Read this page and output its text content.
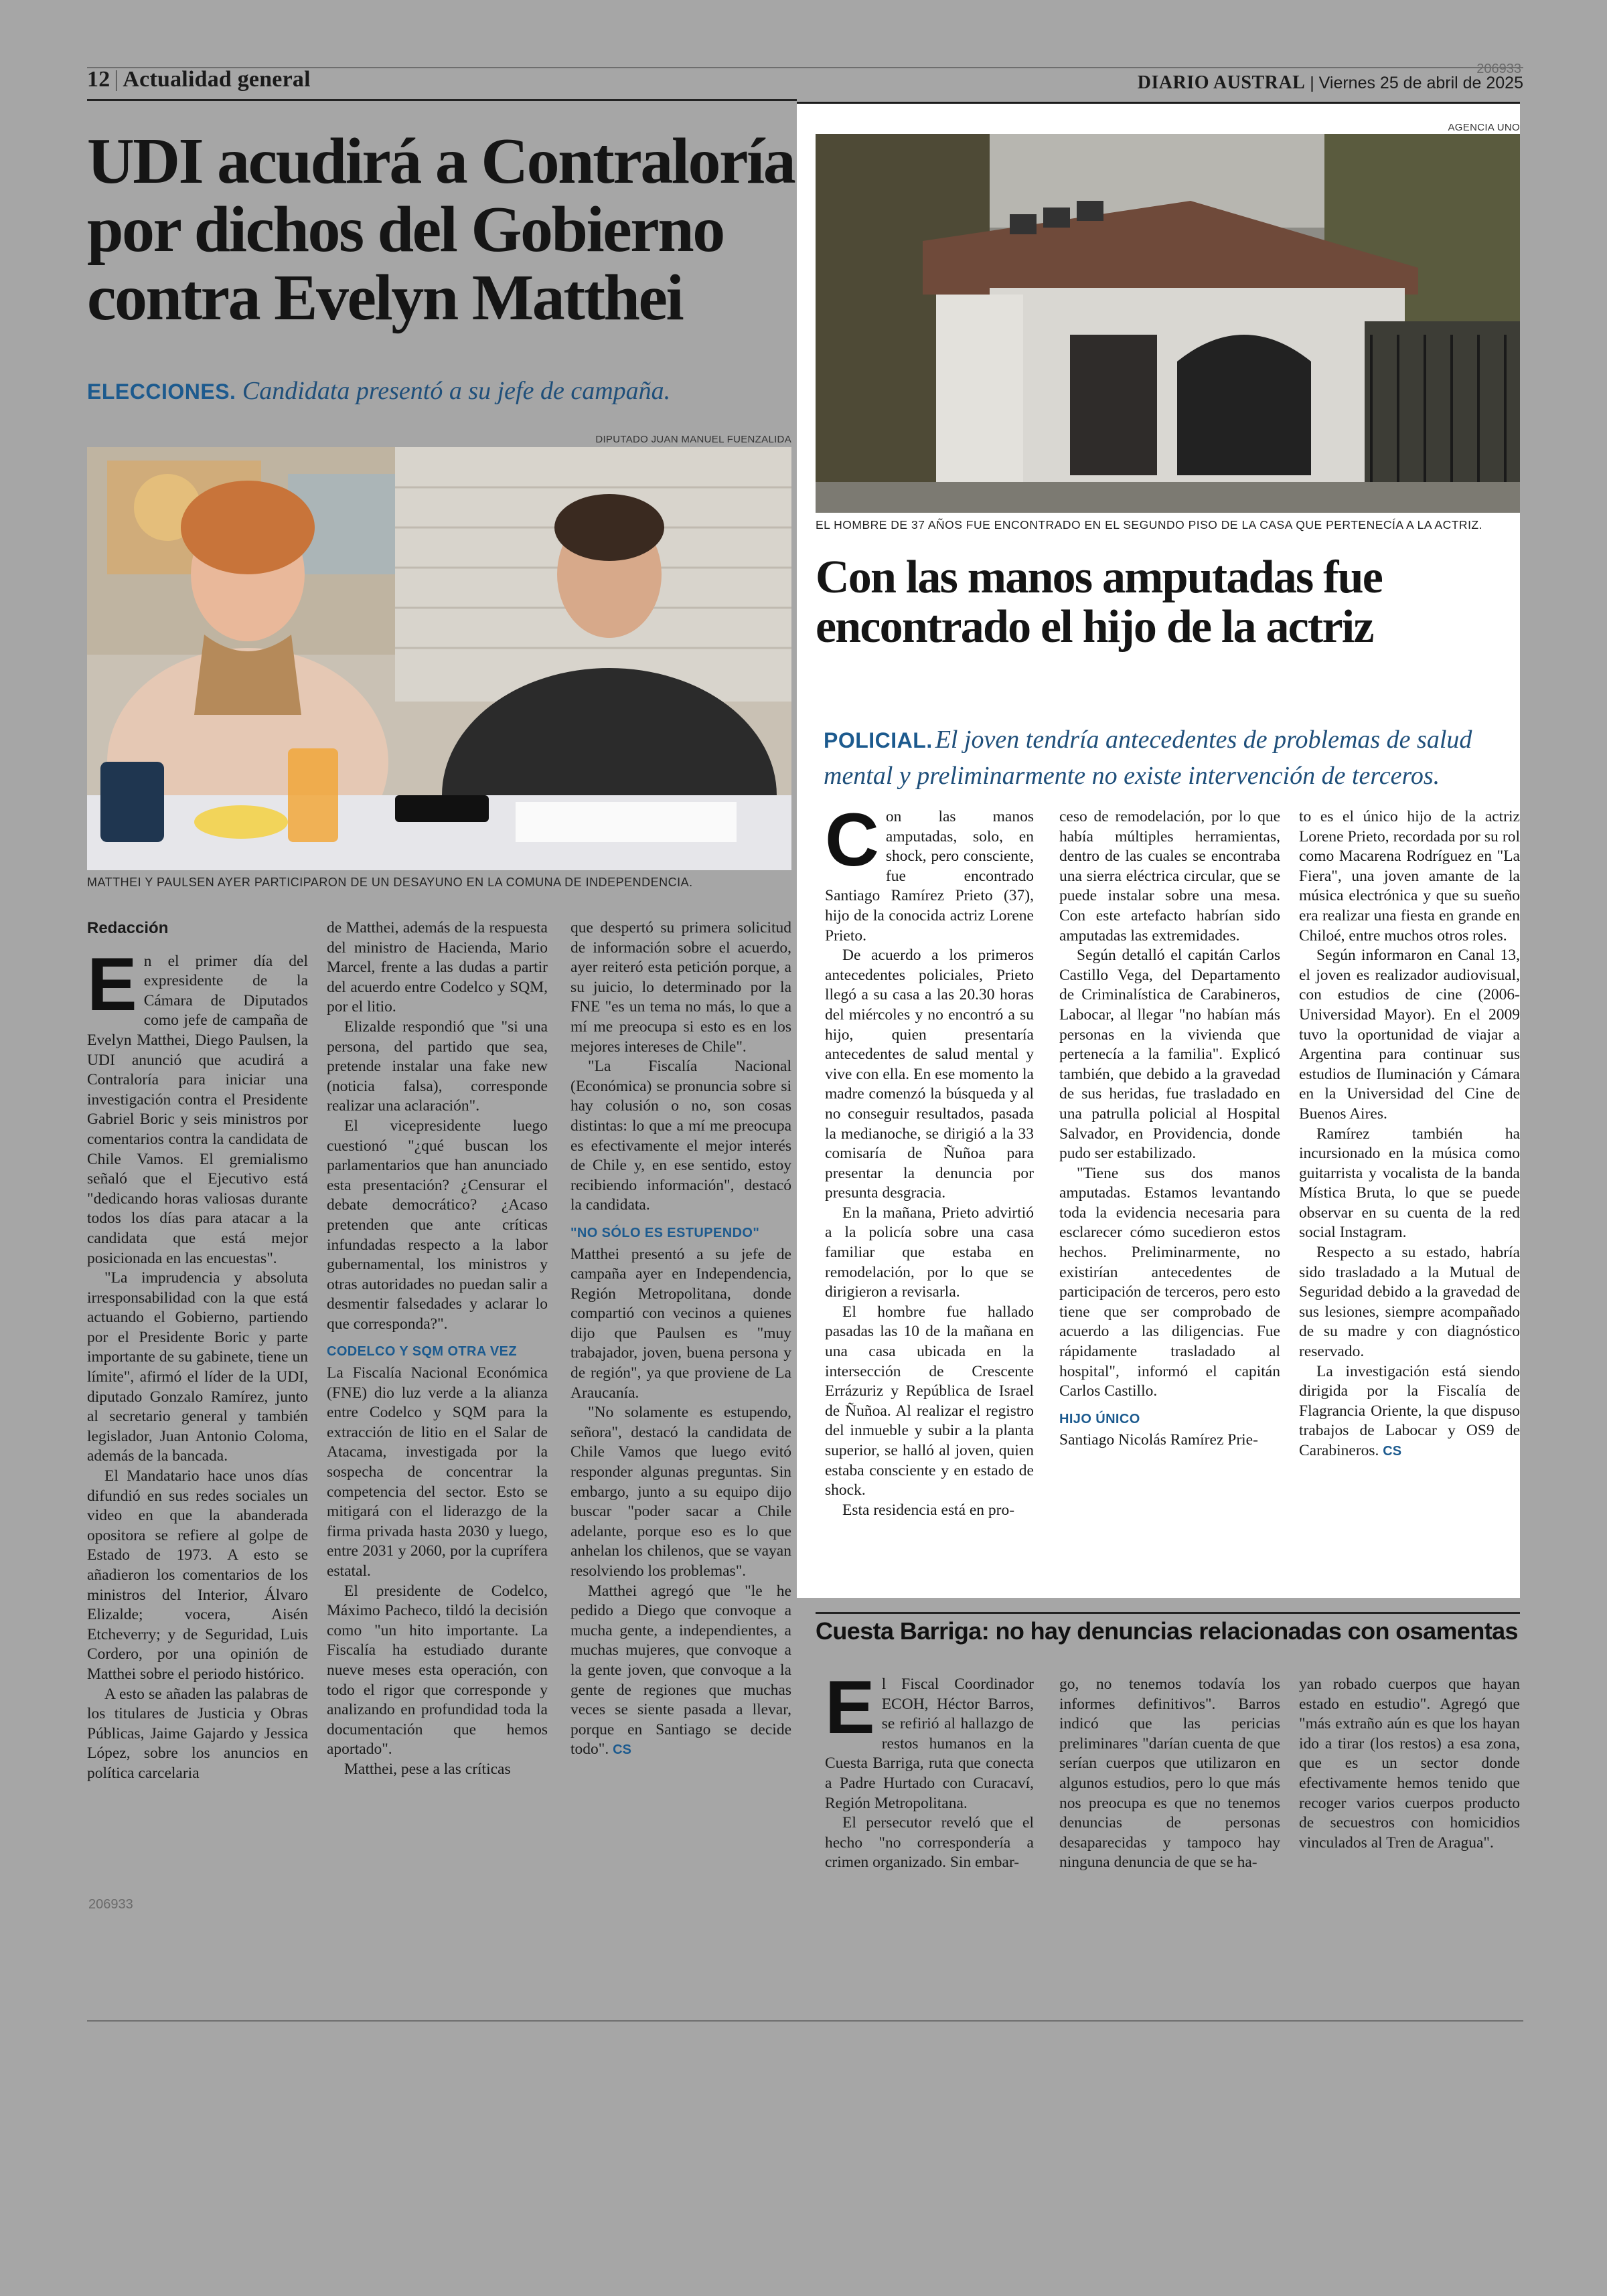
12 | Actualidad general	DIARIO AUSTRAL | Viernes 25 de abril de 2025
206933
UDI acudirá a Contraloría
por dichos del Gobierno
contra Evelyn Matthei
ELECCIONES. Candidata presentó a su jefe de campaña.
DIPUTADO JUAN MANUEL FUENZALIDA
MATTHEI Y PAULSEN AYER PARTICIPARON DE UN DESAYUNO EN LA COMUNA DE INDEPENDENCIA.
Redacción

En el primer día del expresidente de la Cámara de Diputados como jefe de campaña de Evelyn Matthei, Diego Paulsen, la UDI anunció que acudirá a Contraloría para iniciar una investigación contra el Presidente Gabriel Boric y seis ministros por comentarios contra la candidata de Chile Vamos. El gremialismo señaló que el Ejecutivo está "dedicando horas valiosas durante todos los días para atacar a la candidata que está mejor posicionada en las encuestas".

"La imprudencia y absoluta irresponsabilidad con la que está actuando el Gobierno, partiendo por el Presidente Boric y parte importante de su gabinete, tiene un límite", afirmó el líder de la UDI, diputado Gonzalo Ramírez, junto al secretario general y también legislador, Juan Antonio Coloma, además de la bancada.

El Mandatario hace unos días difundió en sus redes sociales un video en que la abanderada opositora se refiere al golpe de Estado de 1973. A esto se añadieron los comentarios de los ministros del Interior, Álvaro Elizalde; vocera, Aisén Etcheverry; y de Seguridad, Luis Cordero, por una opinión de Matthei sobre el periodo histórico.

A esto se añaden las palabras de los titulares de Justicia y Obras Públicas, Jaime Gajardo y Jessica López, sobre los anuncios en política carcelaria

206933

de Matthei, además de la respuesta del ministro de Hacienda, Mario Marcel, frente a las dudas a partir del acuerdo entre Codelco y SQM, por el litio.

Elizalde respondió que "si una persona, del partido que sea, pretende instalar una fake new (noticia falsa), corresponde realizar una aclaración".

El vicepresidente luego cuestionó "¿qué buscan los parlamentarios que han anunciado esta presentación? ¿Censurar el debate democrático? ¿Acaso pretenden que ante críticas infundadas respecto a la labor gubernamental, los ministros y otras autoridades no puedan salir a desmentir falsedades y aclarar lo que corresponda?".

CODELCO Y SQM OTRA VEZ

La Fiscalía Nacional Económica (FNE) dio luz verde a la alianza entre Codelco y SQM para la extracción de litio en el Salar de Atacama, investigada por la sospecha de concentrar la competencia del sector. Esto se mitigará con el liderazgo de la firma privada hasta 2030 y luego, entre 2031 y 2060, por la cuprífera estatal.

El presidente de Codelco, Máximo Pacheco, tildó la decisión como "un hito importante. La Fiscalía ha estudiado durante nueve meses esta operación, con todo el rigor que corresponde y analizando en profundidad toda la documentación que hemos aportado".

Matthei, pese a las críticas

que despertó su primera solicitud de información sobre el acuerdo, ayer reiteró esta petición porque, a su juicio, lo determinado por la FNE "es un tema no más, lo que a mí me preocupa si esto es en los mejores intereses de Chile".

"La Fiscalía Nacional (Económica) se pronuncia sobre si hay colusión o no, son cosas distintas: lo que a mí me preocupa es efectivamente el mejor interés de Chile y, en ese sentido, estoy recibiendo información", destacó la candidata.

"NO SÓLO ES ESTUPENDO"

Matthei presentó a su jefe de campaña ayer en Independencia, Región Metropolitana, donde compartió con vecinos a quienes dijo que Paulsen es "muy trabajador, joven, buena persona y de región", ya que proviene de La Araucanía.

"No solamente es estupendo, señora", destacó la candidata de Chile Vamos que luego evitó responder algunas preguntas. Sin embargo, junto a su equipo dijo buscar "poder sacar a Chile adelante, porque eso es lo que anhelan los chilenos, que se vayan resolviendo los problemas".

Matthei agregó que "le he pedido a Diego que convoque a mucha gente, a independientes, a muchas mujeres, que convoque a la gente joven, que convoque a la gente de regiones que muchas veces se siente pasada a llevar, porque en Santiago se decide todo". CS

AGENCIA UNO
EL HOMBRE DE 37 AÑOS FUE ENCONTRADO EN EL SEGUNDO PISO DE LA CASA QUE PERTENECÍA A LA ACTRIZ.
Con las manos amputadas fue
encontrado el hijo de la actriz
POLICIAL. El joven tendría antecedentes de problemas de salud mental y preliminarmente no existe intervención de terceros.

Con las manos amputadas, solo, en shock, pero consciente, fue encontrado Santiago Ramírez Prieto (37), hijo de la conocida actriz Lorene Prieto.

De acuerdo a los primeros antecedentes policiales, Prieto llegó a su casa a las 20.30 horas del miércoles y no encontró a su hijo, quien presentaría antecedentes de salud mental y vive con ella. En ese momento la madre comenzó la búsqueda y al no conseguir resultados, pasada la medianoche, se dirigió a la 33 comisaría de Ñuñoa para presentar la denuncia por presunta desgracia.

En la mañana, Prieto advirtió a la policía sobre una casa familiar que estaba en remodelación, por lo que se dirigieron a revisarla.

El hombre fue hallado pasadas las 10 de la mañana en una casa ubicada en la intersección de Crescente Errázuriz y República de Israel de Ñuñoa. Al realizar el registro del inmueble y subir a la planta superior, se halló al joven, quien estaba consciente y en estado de shock.

Esta residencia está en pro-

ceso de remodelación, por lo que había múltiples herramientas, dentro de las cuales se encontraba una sierra eléctrica circular, que se puede instalar sobre una mesa. Con este artefacto habrían sido amputadas las extremidades.

Según detalló el capitán Carlos Castillo Vega, del Departamento de Criminalística de Carabineros, Labocar, al llegar "no habían más personas en la vivienda que pertenecía a la familia". Explicó también, que debido a la gravedad de sus heridas, fue trasladado en una patrulla policial al Hospital Salvador, en Providencia, donde pudo ser estabilizado.

"Tiene sus dos manos amputadas. Estamos levantando toda la evidencia necesaria para esclarecer cómo sucedieron estos hechos. Preliminarmente, no existirían antecedentes de participación de terceros, pero esto tiene que ser comprobado de acuerdo a las diligencias. Fue rápidamente trasladado al hospital", informó el capitán Carlos Castillo.

HIJO ÚNICO

Santiago Nicolás Ramírez Prie-

to es el único hijo de la actriz Lorene Prieto, recordada por su rol como Macarena Rodríguez en "La Fiera", una joven amante de la música electrónica y que su sueño era realizar una fiesta en grande en Chiloé, entre muchos otros roles.

Según informaron en Canal 13, el joven es realizador audiovisual, con estudios de cine (2006-Universidad Mayor). En el 2009 tuvo la oportunidad de viajar a Argentina para continuar sus estudios de Iluminación y Cámara en la Universidad del Cine de Buenos Aires.

Ramírez también ha incursionado en la música como guitarrista y vocalista de la banda Mística Bruta, lo que se puede observar en su cuenta de la red social Instagram.

Respecto a su estado, habría sido trasladado a la Mutual de Seguridad debido a la gravedad de sus lesiones, siempre acompañado de su madre y con diagnóstico reservado.

La investigación está siendo dirigida por la Fiscalía de Flagrancia Oriente, la que dispuso trabajos de Labocar y OS9 de Carabineros. CS

Cuesta Barriga: no hay denuncias relacionadas con osamentas

El Fiscal Coordinador ECOH, Héctor Barros, se refirió al hallazgo de restos humanos en la Cuesta Barriga, ruta que conecta a Padre Hurtado con Curacaví, Región Metropolitana.

El persecutor reveló que el hecho "no correspondería a crimen organizado. Sin embar-

go, no tenemos todavía los informes definitivos". Barros indicó que las pericias preliminares "darían cuenta de que serían cuerpos que utilizaron en algunos estudios, pero lo que más nos preocupa es que no tenemos denuncias de personas desaparecidas y tampoco hay ninguna denuncia de que se ha-

yan robado cuerpos que hayan estado en estudio". Agregó que "más extraño aún es que los hayan ido a tirar (los restos) a esa zona, que es un sector donde efectivamente hemos tenido que recoger varios cuerpos producto de secuestros con homicidios vinculados al Tren de Aragua".
